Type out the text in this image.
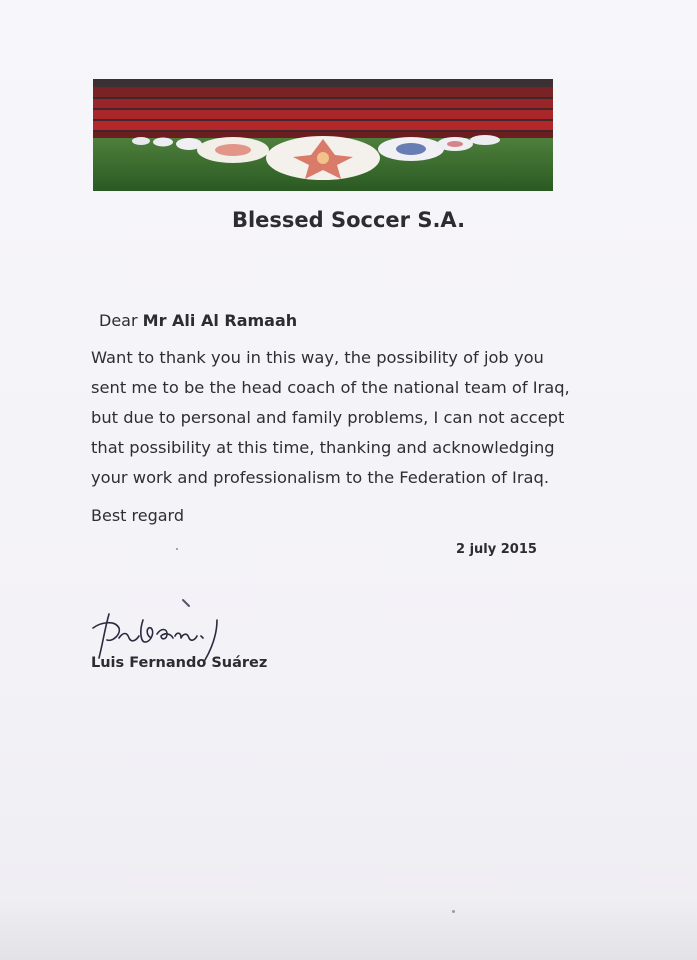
Blessed Soccer S.A.
Dear Mr Ali Al Ramaah
Want to thank you in this way, the possibility of job you
sent me to be the head coach of the national team of Iraq,
but due to personal and family problems, I can not accept
that possibility at this time, thanking and acknowledging
your work and professionalism to the Federation of Iraq.
Best regard
2 july 2015
Luis Fernando Suárez
